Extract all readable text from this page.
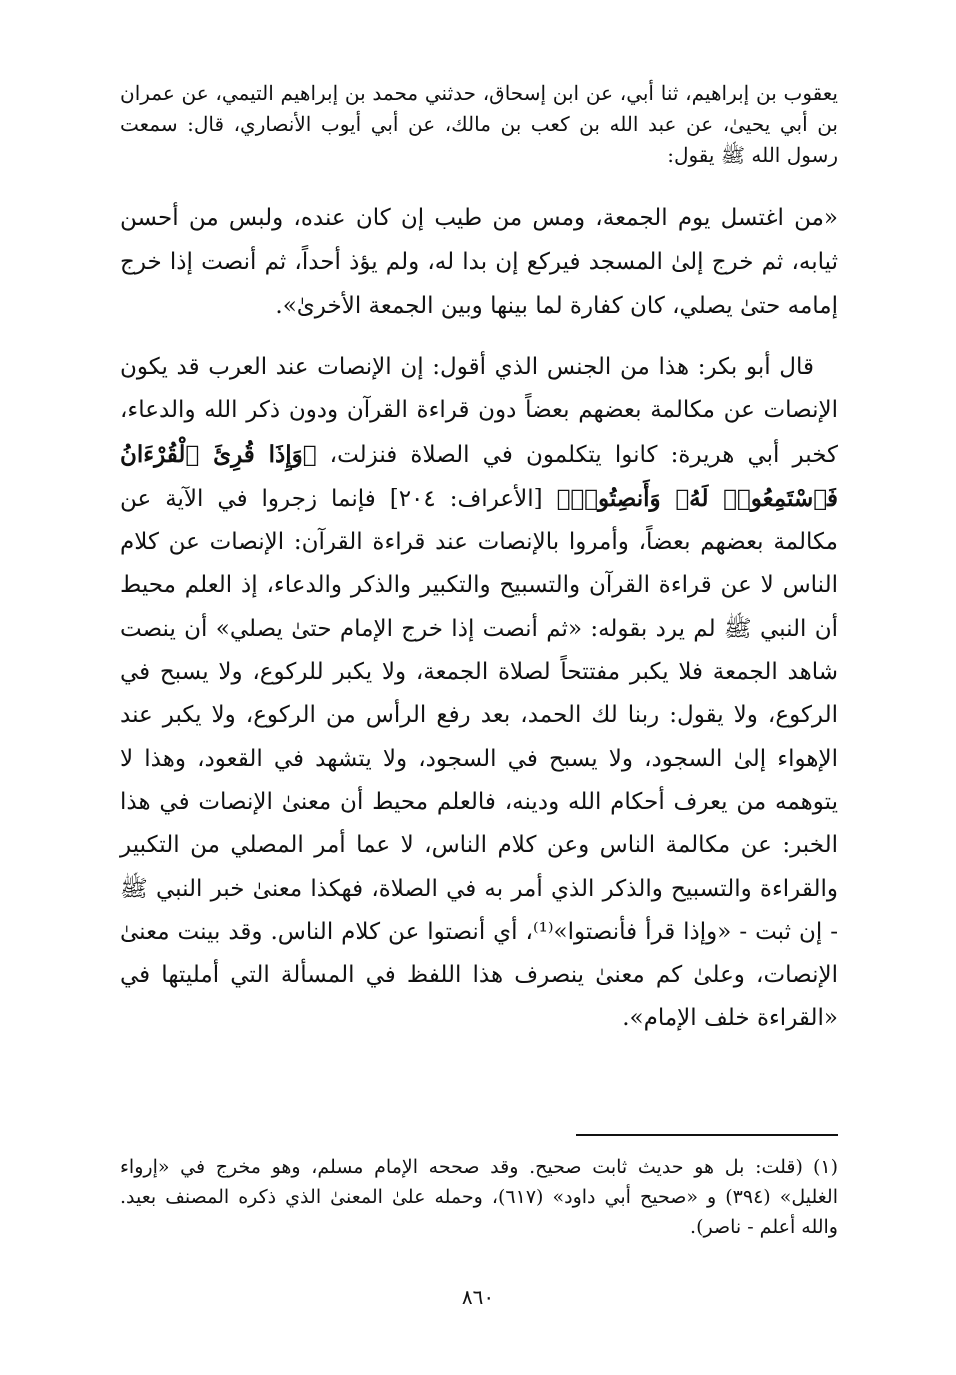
يعقوب بن إبراهيم، ثنا أبي، عن ابن إسحاق، حدثني محمد بن إبراهيم التيمي، عن عمران بن أبي يحيىٰ، عن عبد الله بن كعب بن مالك، عن أبي أيوب الأنصاري، قال: سمعت رسول الله ﷺ يقول:

«من اغتسل يوم الجمعة، ومس من طيب إن كان عنده، ولبس من أحسن ثيابه، ثم خرج إلىٰ المسجد فيركع إن بدا له، ولم يؤذ أحداً، ثم أنصت إذا خرج إمامه حتىٰ يصلي، كان كفارة لما بينها وبين الجمعة الأخرىٰ».

قال أبو بكر: هذا من الجنس الذي أقول: إن الإنصات عند العرب قد يكون الإنصات عن مكالمة بعضهم بعضاً دون قراءة القرآن ودون ذكر الله والدعاء، كخبر أبي هريرة: كانوا يتكلمون في الصلاة فنزلت، ﴿وَإِذَا قُرِئَ ٱلْقُرْءَانُ فَٱسْتَمِعُوا۟ لَهُۥ وَأَنصِتُوا۟﴾ [الأعراف: ٢٠٤] فإنما زجروا في الآية عن مكالمة بعضهم بعضاً، وأمروا بالإنصات عند قراءة القرآن: الإنصات عن كلام الناس لا عن قراءة القرآن والتسبيح والتكبير والذكر والدعاء، إذ العلم محيط أن النبي ﷺ لم يرد بقوله: «ثم أنصت إذا خرج الإمام حتىٰ يصلي» أن ينصت شاهد الجمعة فلا يكبر مفتتحاً لصلاة الجمعة، ولا يكبر للركوع، ولا يسبح في الركوع، ولا يقول: ربنا لك الحمد، بعد رفع الرأس من الركوع، ولا يكبر عند الإهواء إلىٰ السجود، ولا يسبح في السجود، ولا يتشهد في القعود، وهذا لا يتوهمه من يعرف أحكام الله ودينه، فالعلم محيط أن معنىٰ الإنصات في هذا الخبر: عن مكالمة الناس وعن كلام الناس، لا عما أمر المصلي من التكبير والقراءة والتسبيح والذكر الذي أمر به في الصلاة، فهكذا معنىٰ خبر النبي ﷺ - إن ثبت - «وإذا قرأ فأنصتوا»⁽¹⁾، أي أنصتوا عن كلام الناس. وقد بينت معنىٰ الإنصات، وعلىٰ كم معنىٰ ينصرف هذا اللفظ في المسألة التي أمليتها في «القراءة خلف الإمام».

(١)(قلت: بل هو حديث ثابت صحيح. وقد صححه الإمام مسلم، وهو مخرج في «إرواء الغليل» (٣٩٤) و «صحيح أبي داود» (٦١٧)، وحمله علىٰ المعنىٰ الذي ذكره المصنف بعيد. والله أعلم - ناصر).

٨٦٠
